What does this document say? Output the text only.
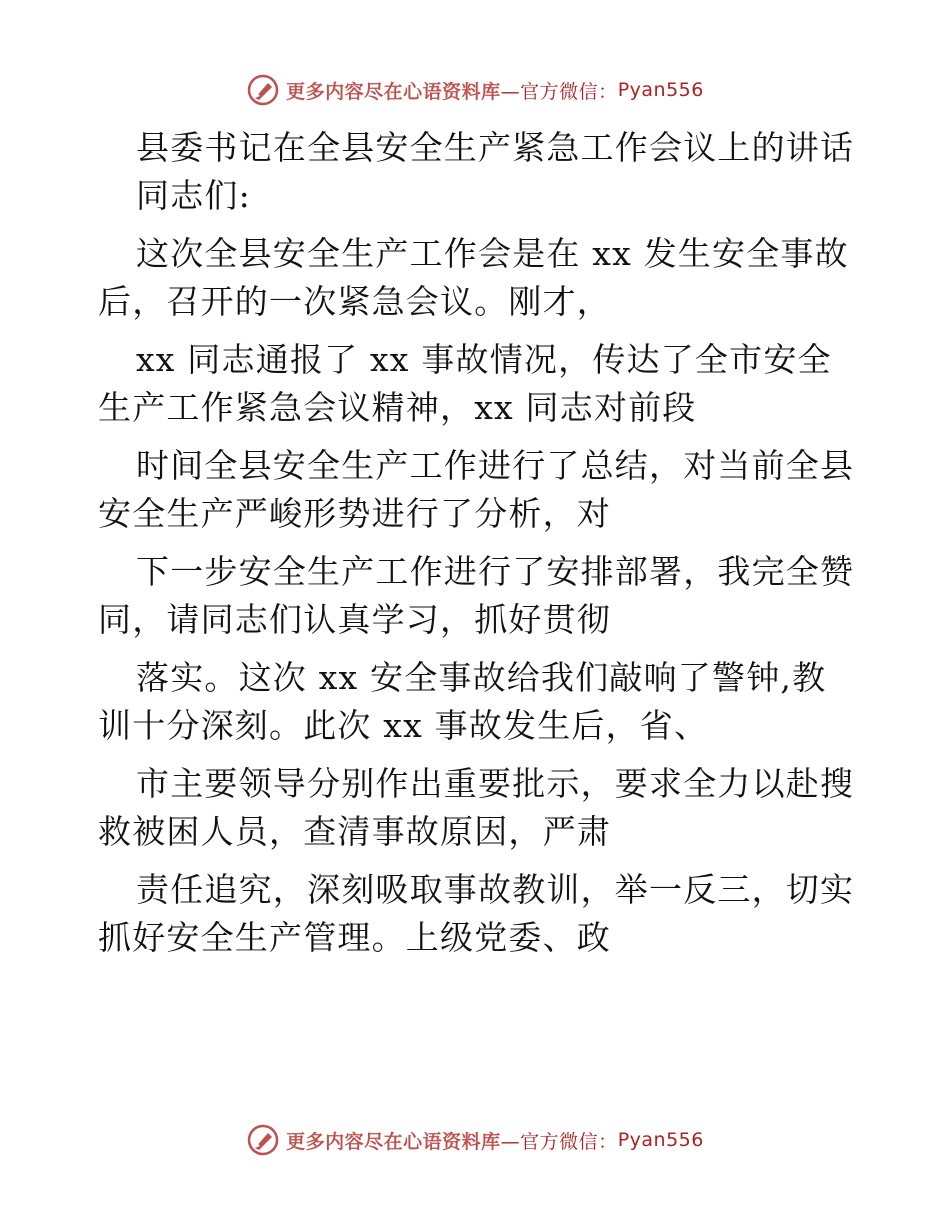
更多内容尽在心语资料库 —官方微信： Pyan556
县委书记在全县安全生产紧急工作会议上的讲话
同志们:
这次全县安全生产工作会是在 xx 发生安全事故
后，召开的一次紧急会议。刚才，
xx 同志通报了 xx 事故情况，传达了全市安全
生产工作紧急会议精神，xx 同志对前段
时间全县安全生产工作进行了总结，对当前全县
安全生产严峻形势进行了分析，对
下一步安全生产工作进行了安排部署，我完全赞
同，请同志们认真学习，抓好贯彻
落实。这次 xx 安全事故给我们敲响了警钟,教
训十分深刻。此次 xx 事故发生后，省、
市主要领导分别作出重要批示，要求全力以赴搜
救被困人员，查清事故原因，严肃
责任追究，深刻吸取事故教训，举一反三，切实
抓好安全生产管理。上级党委、政
更多内容尽在心语资料库 —官方微信： Pyan556
